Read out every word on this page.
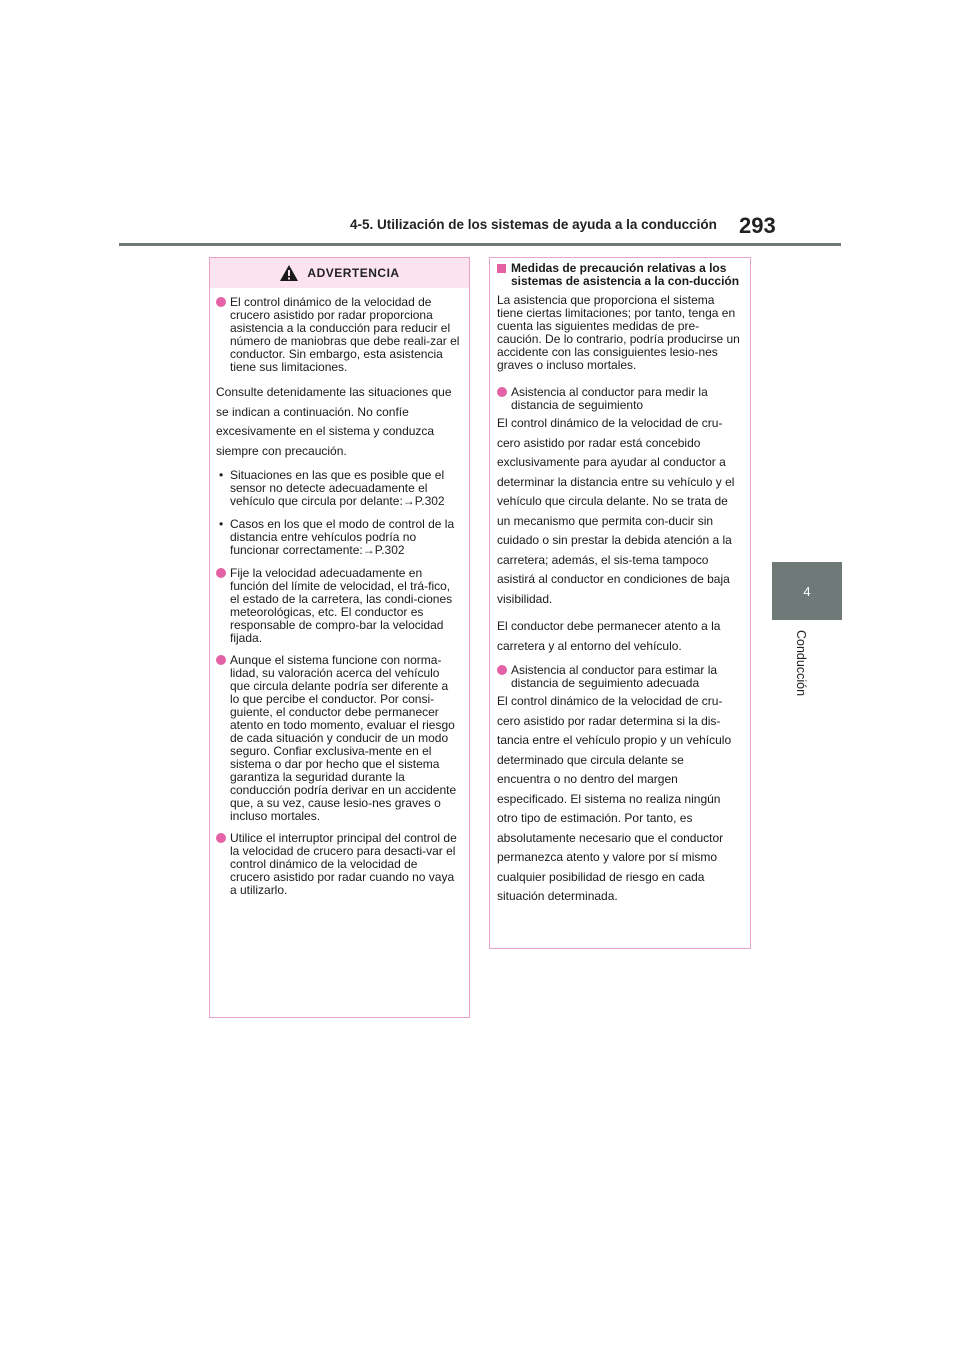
4-5. Utilización de los sistemas de ayuda a la conducción 293
4
Conducción
ADVERTENCIA
El control dinámico de la velocidad de crucero asistido por radar proporciona asistencia a la conducción para reducir el número de maniobras que debe reali-zar el conductor. Sin embargo, esta asistencia tiene sus limitaciones.

Consulte detenidamente las situaciones que se indican a continuación. No confíe excesivamente en el sistema y conduzca siempre con precaución.

• Situaciones en las que es posible que el sensor no detecte adecuadamente el vehículo que circula por delante:→P.302
• Casos en los que el modo de control de la distancia entre vehículos podría no funcionar correctamente:→P.302
Fije la velocidad adecuadamente en función del límite de velocidad, el trá-fico, el estado de la carretera, las condi-ciones meteorológicas, etc. El conductor es responsable de compro-bar la velocidad fijada.
Aunque el sistema funcione con norma-lidad, su valoración acerca del vehículo que circula delante podría ser diferente a lo que percibe el conductor. Por consi-guiente, el conductor debe permanecer atento en todo momento, evaluar el riesgo de cada situación y conducir de un modo seguro. Confiar exclusiva-mente en el sistema o dar por hecho que el sistema garantiza la seguridad durante la conducción podría derivar en un accidente que, a su vez, cause lesio-nes graves o incluso mortales.
Utilice el interruptor principal del control de la velocidad de crucero para desacti-var el control dinámico de la velocidad de crucero asistido por radar cuando no vaya a utilizarlo.
Medidas de precaución relativas a los sistemas de asistencia a la con-ducción

La asistencia que proporciona el sistema tiene ciertas limitaciones; por tanto, tenga en cuenta las siguientes medidas de pre-caución. De lo contrario, podría producirse un accidente con las consiguientes lesio-nes graves o incluso mortales.

Asistencia al conductor para medir la distancia de seguimiento

El control dinámico de la velocidad de cru-cero asistido por radar está concebido exclusivamente para ayudar al conductor a determinar la distancia entre su vehículo y el vehículo que circula delante. No se trata de un mecanismo que permita con-ducir sin cuidado o sin prestar la debida atención a la carretera; además, el sis-tema tampoco asistirá al conductor en condiciones de baja visibilidad.

El conductor debe permanecer atento a la carretera y al entorno del vehículo.

Asistencia al conductor para estimar la distancia de seguimiento adecuada

El control dinámico de la velocidad de cru-cero asistido por radar determina si la dis-tancia entre el vehículo propio y un vehículo determinado que circula delante se encuentra o no dentro del margen especificado. El sistema no realiza ningún otro tipo de estimación. Por tanto, es absolutamente necesario que el conductor permanezca atento y valore por sí mismo cualquier posibilidad de riesgo en cada situación determinada.
